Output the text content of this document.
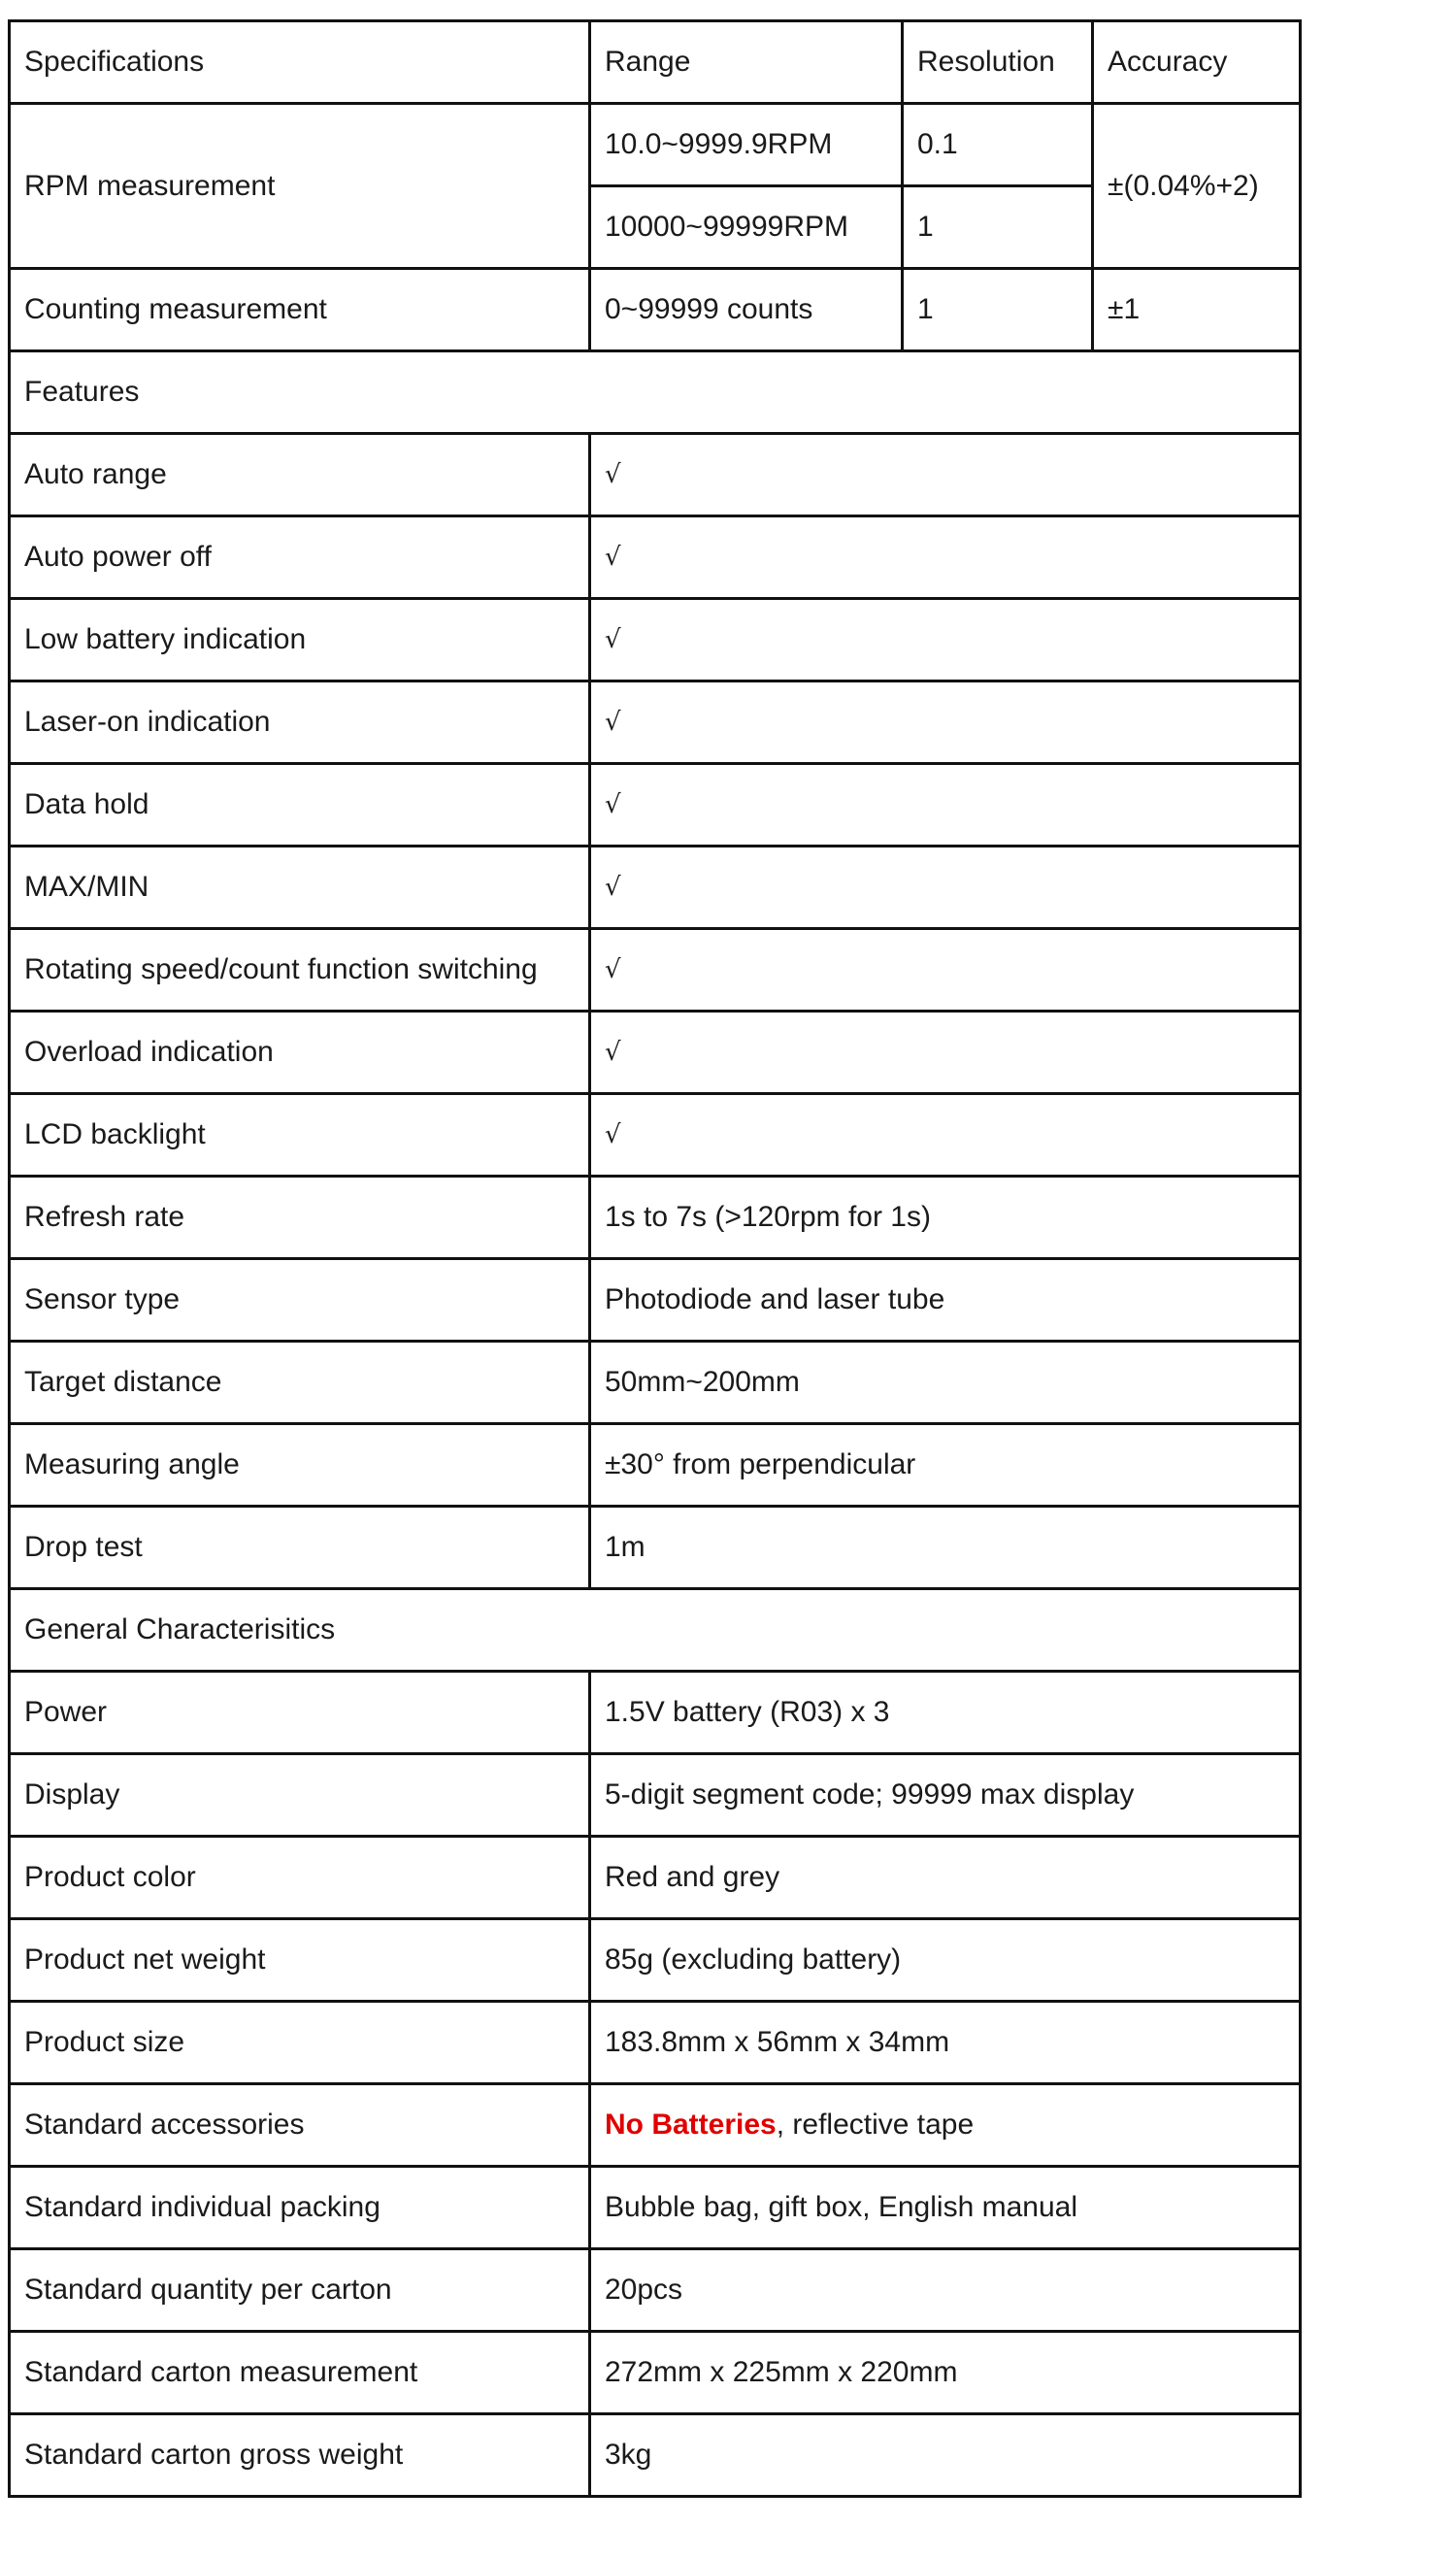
Specifications	Range	Resolution	Accuracy
RPM measurement	10.0~9999.9RPM	0.1	±(0.04%+2)
	10000~99999RPM	1	
Counting measurement	0~99999 counts	1	±1
Features			
Auto range	√		
Auto power off	√		
Low battery indication	√		
Laser-on indication	√		
Data hold	√		
MAX/MIN	√		
Rotating speed/count function switching	√		
Overload indication	√		
LCD backlight	√		
Refresh rate	1s to 7s (>120rpm for 1s)		
Sensor type	Photodiode and laser tube		
Target distance	50mm~200mm		
Measuring angle	±30° from perpendicular		
Drop test	1m		
General Characterisitics			
Power	1.5V battery (R03) x 3		
Display	5-digit segment code; 99999 max display		
Product color	Red and grey		
Product net weight	85g (excluding battery)		
Product size	183.8mm x 56mm x 34mm		
Standard accessories	No Batteries, reflective tape		
Standard individual packing	Bubble bag, gift box, English manual		
Standard quantity per carton	20pcs		
Standard carton measurement	272mm x 225mm x 220mm		
Standard carton gross weight	3kg		
